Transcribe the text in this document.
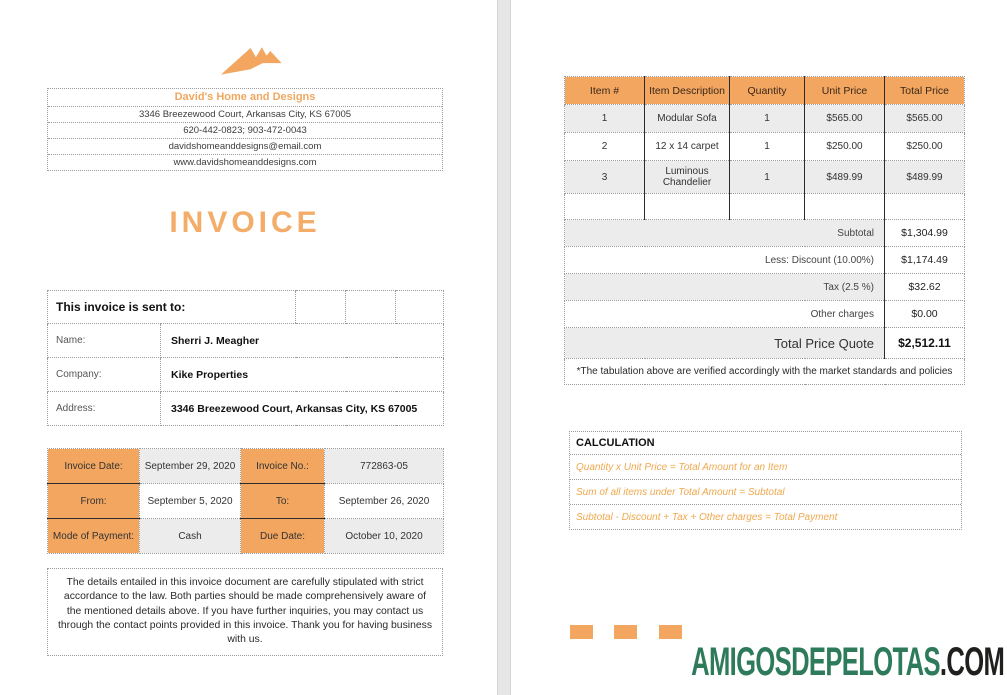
David's Home and Designs
3346 Breezewood Court, Arkansas City, KS 67005
620-442-0823; 903-472-0043
davidshomeanddesigns@email.com
www.davidshomeanddesigns.com
INVOICE
This invoice is sent to:				
Name:	Sherri J. Meagher			
Company:	Kike Properties			
Address:	3346 Breezewood Court, Arkansas City, KS 67005			
Invoice Date:	September 29, 2020	Invoice No.:	772863-05
From:	September 5, 2020	To:	September 26, 2020
Mode of Payment:	Cash	Due Date:	October 10, 2020
The details entailed in this invoice document are carefully stipulated with strict accordance to the law. Both parties should be made comprehensively aware of the mentioned details above. If you have further inquiries, you may contact us through the contact points provided in this invoice. Thank you for having business with us.
Item #	Item Description	Quantity	Unit Price	Total Price
1	Modular Sofa	1	$565.00	$565.00
2	12 x 14 carpet	1	$250.00	$250.00
3	Luminous Chandelier	1	$489.99	$489.99

Subtotal				$1,304.99
Less: Discount (10.00%)				$1,174.49
Tax (2.5 %)				$32.62
Other charges				$0.00
Total Price Quote				$2,512.11
*The tabulation above are verified accordingly with the market standards and policies				
CALCULATION
Quantity x Unit Price = Total Amount for an Item
Sum of all items under Total Amount = Subtotal
Subtotal - Discount + Tax + Other charges = Total Payment

AMIGOSDEPELOTAS.COM
